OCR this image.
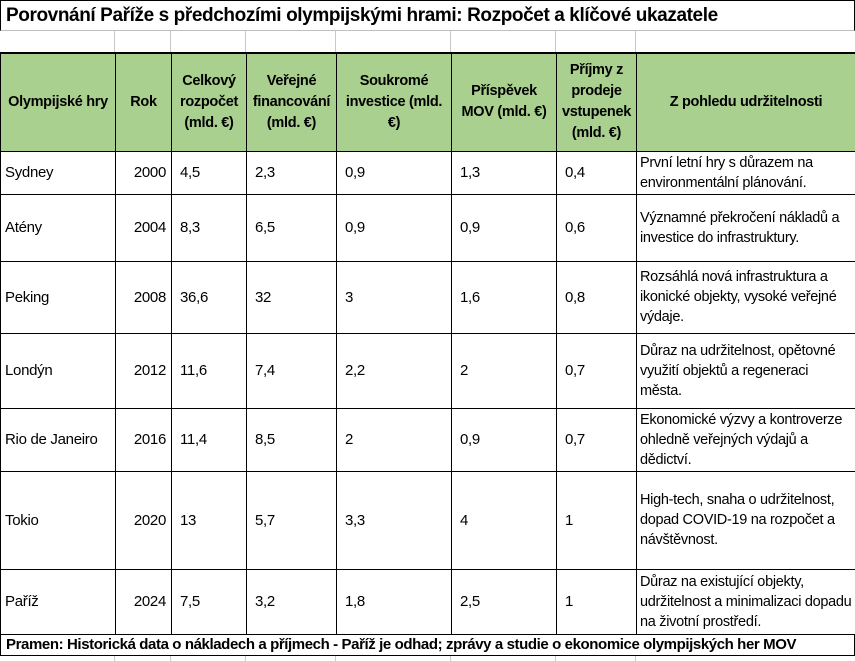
Porovnání Paříže s předchozími olympijskými hrami: Rozpočet a klíčové ukazatele
Olympijské hry	Rok	Celkový rozpočet (mld. €)	Veřejné financování (mld. €)	Soukromé investice (mld. €)	Příspěvek MOV (mld. €)	Příjmy z prodeje vstupenek (mld. €)	Z pohledu udržitelnosti
Sydney	2000	4,5	2,3	0,9	1,3	0,4	První letní hry s důrazem na environmentální plánování.
Atény	2004	8,3	6,5	0,9	0,9	0,6	Významné překročení nákladů a investice do infrastruktury.
Peking	2008	36,6	32	3	1,6	0,8	Rozsáhlá nová infrastruktura a ikonické objekty, vysoké veřejné výdaje.
Londýn	2012	11,6	7,4	2,2	2	0,7	Důraz na udržitelnost, opětovné využití objektů a regeneraci města.
Rio de Janeiro	2016	11,4	8,5	2	0,9	0,7	Ekonomické výzvy a kontroverze ohledně veřejných výdajů a dědictví.
Tokio	2020	13	5,7	3,3	4	1	High-tech, snaha o udržitelnost, dopad COVID-19 na rozpočet a návštěvnost.
Paříž	2024	7,5	3,2	1,8	2,5	1	Důraz na existující objekty, udržitelnost a minimalizaci dopadu na životní prostředí.
Pramen: Historická data o nákladech a příjmech - Paříž je odhad; zprávy a studie o ekonomice olympijských her MOV
